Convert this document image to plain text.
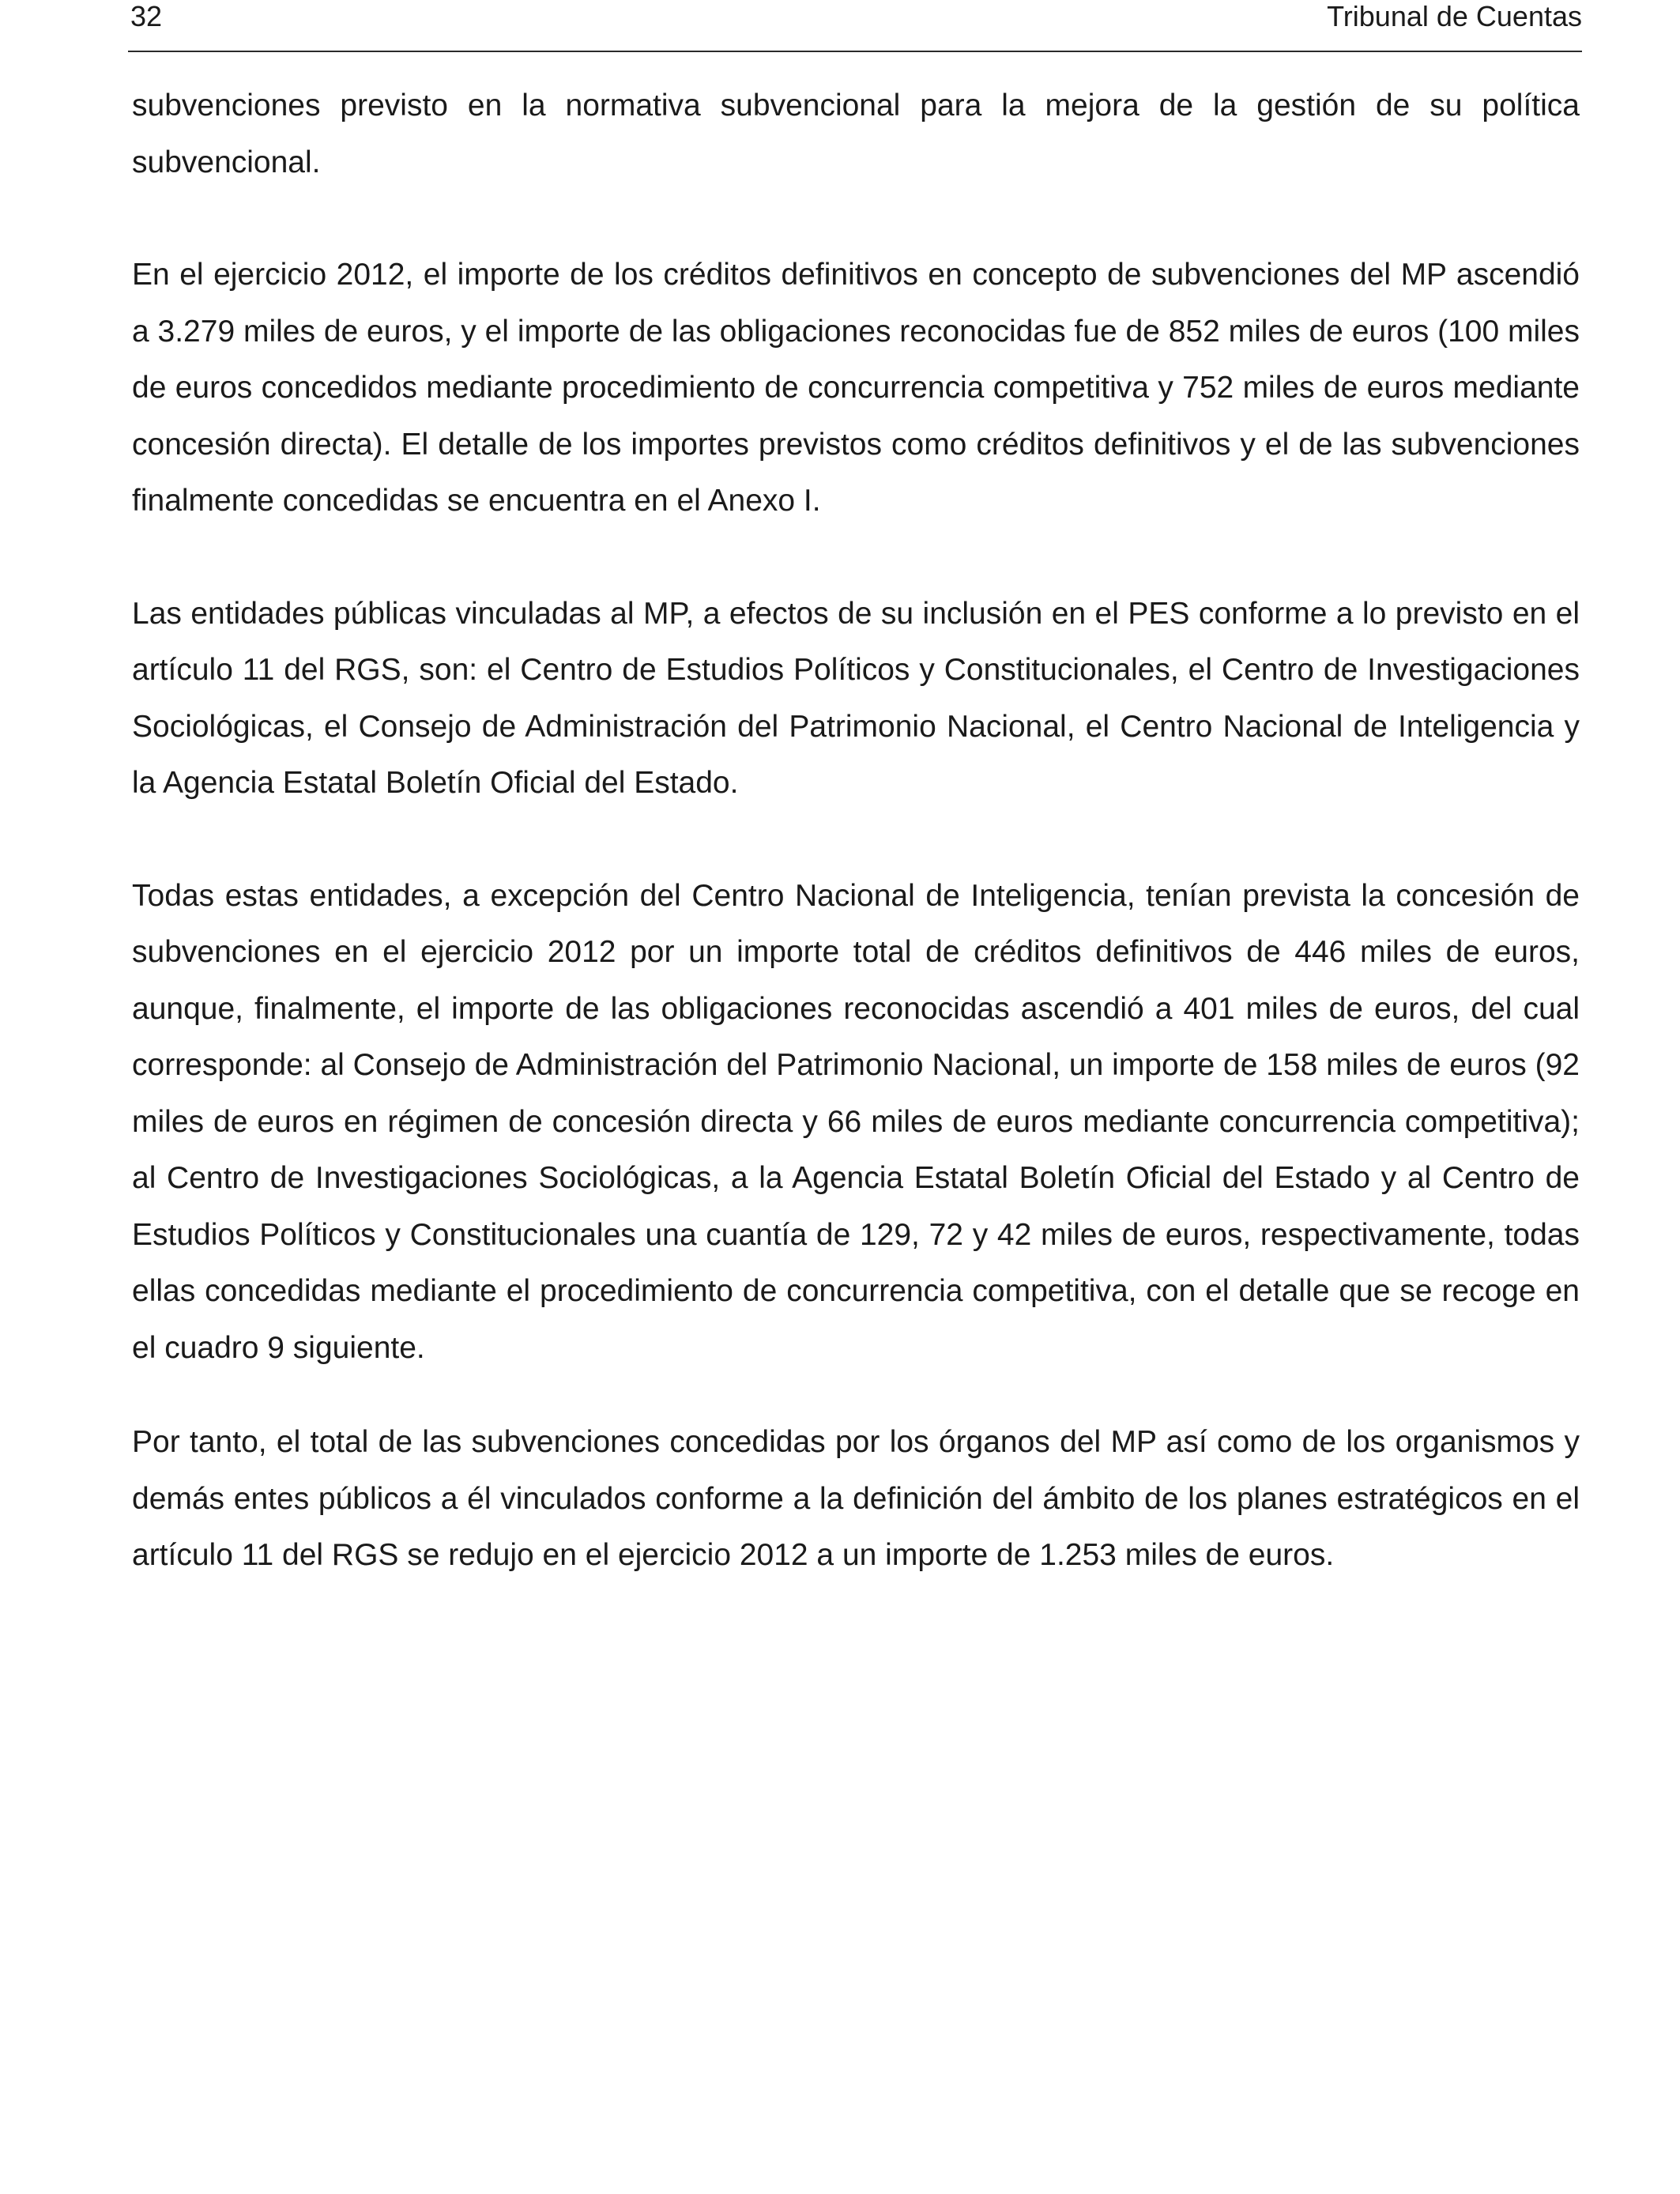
32	Tribunal de Cuentas

subvenciones previsto en la normativa subvencional para la mejora de la gestión de su política subvencional.

En el ejercicio 2012, el importe de los créditos definitivos en concepto de subvenciones del MP ascendió a 3.279 miles de euros, y el importe de las obligaciones reconocidas fue de 852 miles de euros (100 miles de euros concedidos mediante procedimiento de concurrencia competitiva y 752 miles de euros mediante concesión directa). El detalle de los importes previstos como créditos definitivos y el de las subvenciones finalmente concedidas se encuentra en el Anexo I.

Las entidades públicas vinculadas al MP, a efectos de su inclusión en el PES conforme a lo previsto en el artículo 11 del RGS, son: el Centro de Estudios Políticos y Constitucionales, el Centro de Investigaciones Sociológicas, el Consejo de Administración del Patrimonio Nacional, el Centro Nacional de Inteligencia y la Agencia Estatal Boletín Oficial del Estado.

Todas estas entidades, a excepción del Centro Nacional de Inteligencia, tenían prevista la concesión de subvenciones en el ejercicio 2012 por un importe total de créditos definitivos de 446 miles de euros, aunque, finalmente, el importe de las obligaciones reconocidas ascendió a 401 miles de euros, del cual corresponde: al Consejo de Administración del Patrimonio Nacional, un importe de 158 miles de euros (92 miles de euros en régimen de concesión directa y 66 miles de euros mediante concurrencia competitiva); al Centro de Investigaciones Sociológicas, a la Agencia Estatal Boletín Oficial del Estado y al Centro de Estudios Políticos y Constitucionales una cuantía de 129, 72 y 42 miles de euros, respectivamente, todas ellas concedidas mediante el procedimiento de concurrencia competitiva, con el detalle que se recoge en el cuadro 9 siguiente.

Por tanto, el total de las subvenciones concedidas por los órganos del MP así como de los organismos y demás entes públicos a él vinculados conforme a la definición del ámbito de los planes estratégicos en el artículo 11 del RGS se redujo en el ejercicio 2012 a un importe de 1.253 miles de euros.
